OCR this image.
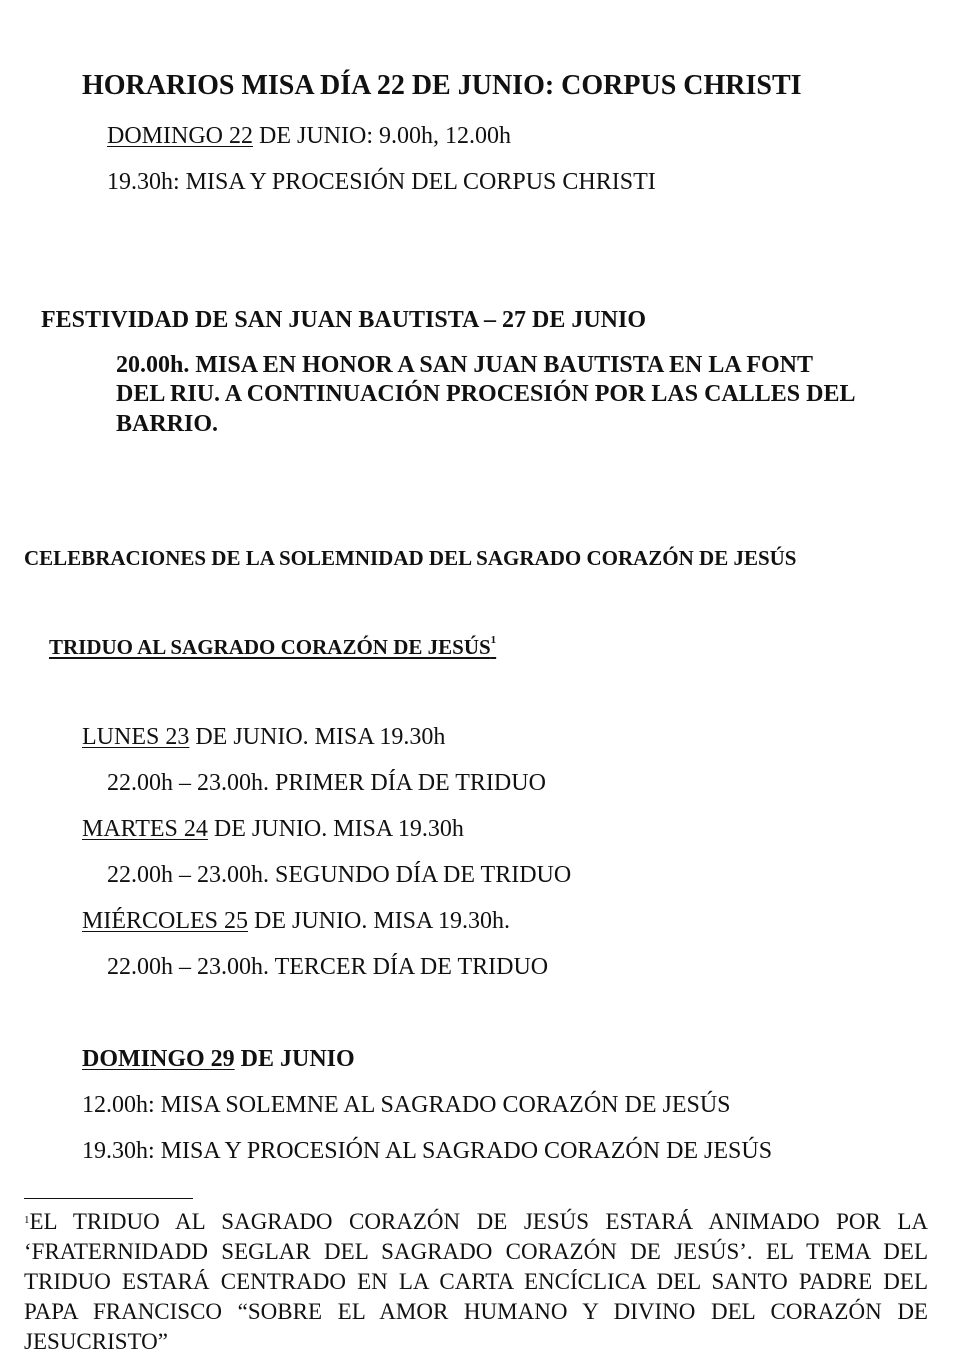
HORARIOS MISA DÍA 22 DE JUNIO: CORPUS CHRISTI
DOMINGO 22 DE JUNIO: 9.00h, 12.00h
19.30h: MISA Y PROCESIÓN DEL CORPUS CHRISTI
FESTIVIDAD DE SAN JUAN BAUTISTA – 27 DE JUNIO
20.00h. MISA EN HONOR A SAN JUAN BAUTISTA EN LA FONT
DEL RIU. A CONTINUACIÓN PROCESIÓN POR LAS CALLES DEL
BARRIO.
CELEBRACIONES DE LA SOLEMNIDAD DEL SAGRADO CORAZÓN DE JESÚS
TRIDUO AL SAGRADO CORAZÓN DE JESÚS$^1$
LUNES 23 DE JUNIO. MISA 19.30h
22.00h – 23.00h. PRIMER DÍA DE TRIDUO
MARTES 24 DE JUNIO. MISA 19.30h
22.00h – 23.00h. SEGUNDO DÍA DE TRIDUO
MIÉRCOLES 25 DE JUNIO. MISA 19.30h.
22.00h – 23.00h. TERCER DÍA DE TRIDUO
DOMINGO 29 DE JUNIO
12.00h: MISA SOLEMNE AL SAGRADO CORAZÓN DE JESÚS
19.30h: MISA Y PROCESIÓN AL SAGRADO CORAZÓN DE JESÚS
$^1$EL TRIDUO AL SAGRADO CORAZÓN DE JESÚS ESTARÁ ANIMADO POR LA ‘FRATERNIDADD SEGLAR DEL SAGRADO CORAZÓN DE JESÚS’. EL TEMA DEL TRIDUO ESTARÁ CENTRADO EN LA CARTA ENCÍCLICA DEL SANTO PADRE DEL PAPA FRANCISCO “SOBRE EL AMOR HUMANO Y DIVINO DEL CORAZÓN DE JESUCRISTO”
